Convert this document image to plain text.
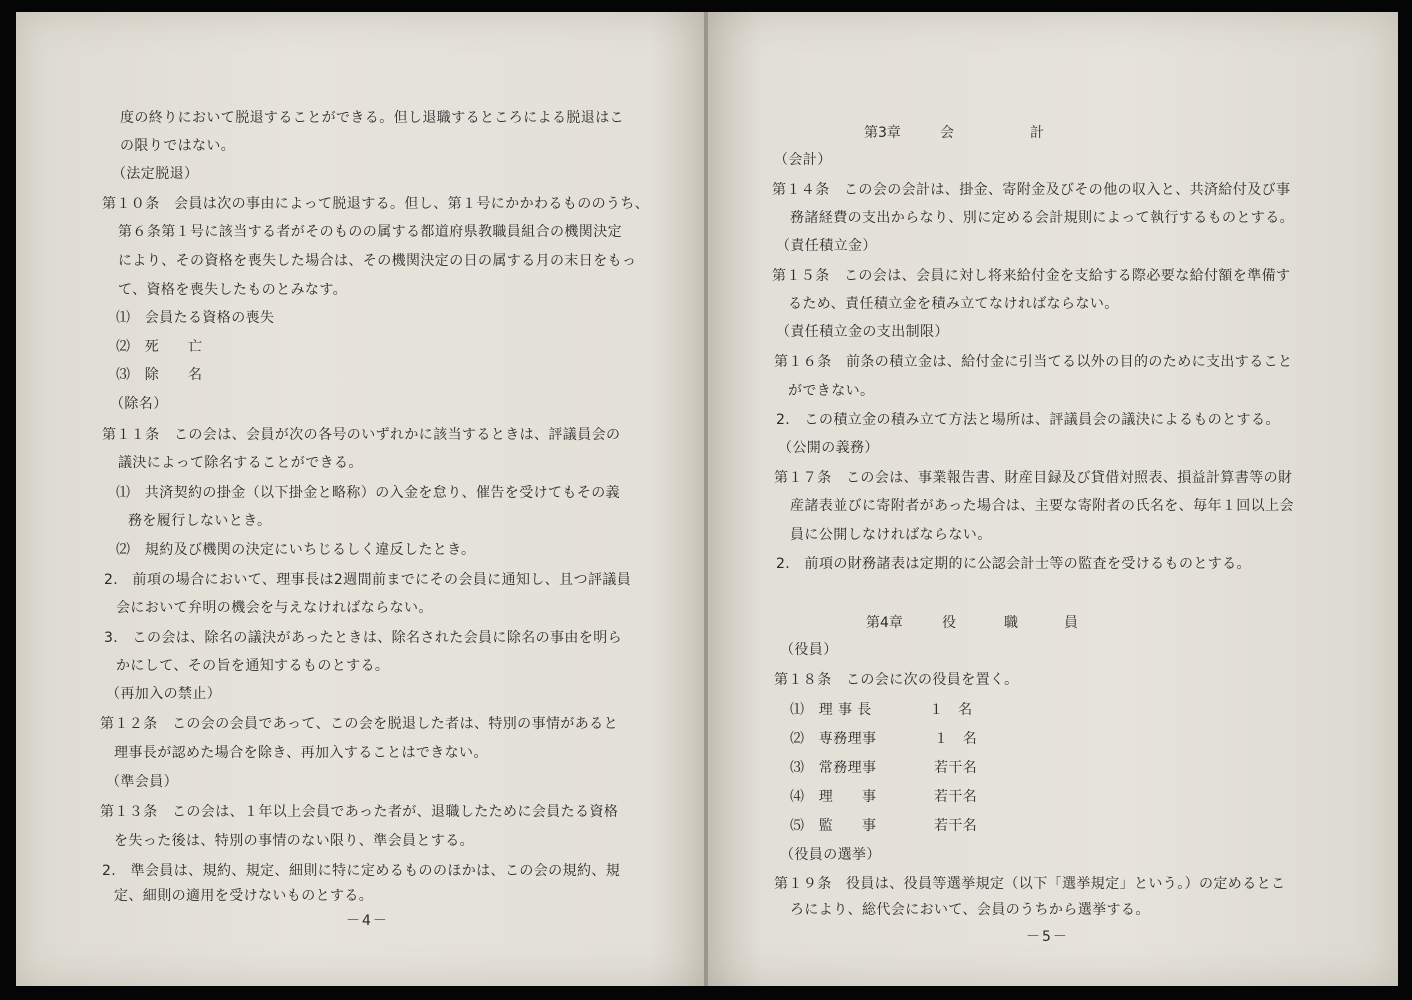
度の終りにおいて脱退することができる。但し退職するところによる脱退はこ
の限りではない。
（法定脱退）
第１０条　会員は次の事由によって脱退する。但し、第１号にかかわるもののうち、
第６条第１号に該当する者がそのものの属する都道府県教職員組合の機関決定
により、その資格を喪失した場合は、その機関決定の日の属する月の末日をもっ
て、資格を喪失したものとみなす。
⑴　会員たる資格の喪失
⑵　死　　亡
⑶　除　　名
（除名）
第１１条　この会は、会員が次の各号のいずれかに該当するときは、評議員会の
議決によって除名することができる。
⑴　共済契約の掛金（以下掛金と略称）の入金を怠り、催告を受けてもその義
務を履行しないとき。
⑵　規約及び機関の決定にいちじるしく違反したとき。
2.　前項の場合において、理事長は2週間前までにその会員に通知し、且つ評議員
会において弁明の機会を与えなければならない。
3.　この会は、除名の議決があったときは、除名された会員に除名の事由を明ら
かにして、その旨を通知するものとする。
（再加入の禁止）
第１２条　この会の会員であって、この会を脱退した者は、特別の事情があると
理事長が認めた場合を除き、再加入することはできない。
（準会員）
第１３条　この会は、１年以上会員であった者が、退職したために会員たる資格
を失った後は、特別の事情のない限り、準会員とする。
2.　準会員は、規約、規定、細則に特に定めるもののほかは、この会の規約、規
定、細則の適用を受けないものとする。
－4－
第3章	会	計
（会計）
第１４条　この会の会計は、掛金、寄附金及びその他の収入と、共済給付及び事
務諸経費の支出からなり、別に定める会計規則によって執行するものとする。
（責任積立金）
第１５条　この会は、会員に対し将来給付金を支給する際必要な給付額を準備す
るため、責任積立金を積み立てなければならない。
（責任積立金の支出制限）
第１６条　前条の積立金は、給付金に引当てる以外の目的のために支出すること
ができない。
2.　この積立金の積み立て方法と場所は、評議員会の議決によるものとする。
（公開の義務）
第１７条　この会は、事業報告書、財産目録及び貸借対照表、損益計算書等の財
産諸表並びに寄附者があった場合は、主要な寄附者の氏名を、毎年１回以上会
員に公開しなければならない。
2.　前項の財務諸表は定期的に公認会計士等の監査を受けるものとする。
第4章	役	職	員
（役員）
第１８条　この会に次の役員を置く。
⑴　理 事 長　　　　１　名
⑵　専務理事　　　　１　名
⑶　常務理事　　　　若干名
⑷　理　　事　　　　若干名
⑸　監　　事　　　　若干名
（役員の選挙）
第１９条　役員は、役員等選挙規定（以下「選挙規定」という。）の定めるとこ
ろにより、総代会において、会員のうちから選挙する。
－5－
